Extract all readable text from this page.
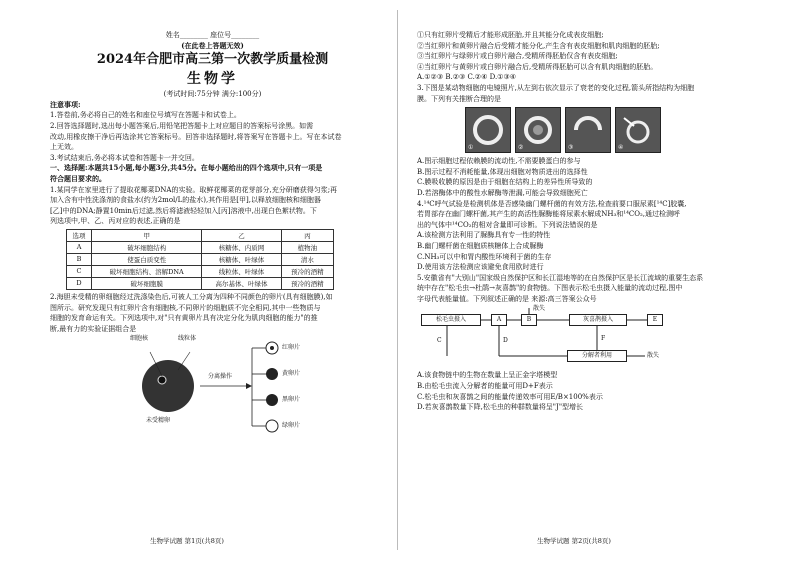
姓名________ 座位号________
(在此卷上答题无效)
2024年合肥市高三第一次教学质量检测
生物学
(考试时间:75分钟 满分:100分)
注意事项:
1.答卷前,务必将自己的姓名和座位号填写在答题卡和试卷上。
2.回答选择题时,选出每小题答案后,用铅笔把答题卡上对应题目的答案标号涂黑。如需
改动,用橡皮擦干净后再选涂其它答案标号。回答非选择题时,将答案写在答题卡上。写在本试卷
上无效。
3.考试结束后,务必将本试卷和答题卡一并交回。
一、选择题:本题共15小题,每小题3分,共45分。在每小题给出的四个选项中,只有一项是
符合题目要求的。
1.某同学在家里进行了提取花椰菜DNA的实验。取鲜花椰菜的花芽部分,充分研磨获得匀浆;再
加入含有中性洗涤剂的食盐水(约为2mol/L的盐水),其作用是[甲],以释放细胞核和细胞器
[乙]中的DNA;静置10min后过滤,然后将滤液轻轻加入[丙]溶液中,出现白色絮状物。下
列选项中,甲、乙、丙对应的表述,正确的是
选项	甲	乙	丙
A	破坏细胞结构	核糖体、内质网	植物油
B	使蛋白质变性	核糖体、叶绿体	清水
C	破坏细胞结构、溶解DNA	线粒体、叶绿体	预冷的酒精
D	破坏细胞膜	高尔基体、叶绿体	预冷的酒精
2.海胆未受精的卵细胞经过洗涤染色后,可被人工分离为四种不同颜色的卵片(具有细胞膜),如
图所示。研究发现只有红卵片含有细胞核,不同卵片的细胞质不完全相同,其中一些物质与
细胞的发育命运有关。下列选项中,对"只有黄卵片具有决定分化为肌肉细胞的能力"的推
断,最有力的实验证据组合是
细胞核	线粒体
分离操作
未受精卵
红卵片
黄卵片
黑卵片
绿卵片
生物学试题 第1页(共8页)
①只有红卵片受精后才能形成胚胎,并且其能分化成表皮细胞;
②当红卵片和黄卵片融合后受精才能分化,产生含有表皮细胞和肌肉细胞的胚胎;
③当红卵片与绿卵片或白卵片融合,受精所得胚胎仅含有表皮细胞;
④当红卵片与黄卵片或白卵片融合后,受精所得胚胎可以含有肌肉细胞的胚胎。
A.①②③ B.②③ C.②④ D.①③④
3.下图是某动物细胞的电镜照片,从左到右依次显示了衰老的变化过程,箭头所指结构为细胞
膜。下列有关推断合理的是
①	②	③	④
A.图示细胞过程依赖膜的流动性,不需要膜蛋白的参与
B.图示过程不消耗能量,体现出细胞对物质进出的选择性
C.膜吸收膜的原因是由于细胞在结构上的差异性所导致的
D.若溶酶体中的酸性水解酶等泄漏,可能会导致细胞死亡
4.¹⁴C呼气试验是检测机体是否感染幽门螺杆菌的有效方法,检查前要口服尿素[¹⁴C]胶囊,
若胃部存在幽门螺杆菌,其产生的高活性脲酶能将尿素水解成NH₃和¹⁴CO₂,通过检测呼
出的气体中¹⁴CO₂的相对含量即可诊断。下列说法错误的是
A.该检测方法利用了脲酶具有专一性的特性
B.幽门螺杆菌在细胞质核糖体上合成脲酶
C.NH₃可以中和胃内酸性环境利于菌的生存
D.使用该方法检测应该避免食用欧时进行
5.安徽省有"大别山"国家级自然保护区和长江湿地等的在自然保护区是长江流域的重要生态系
统中存在"松毛虫→杜鹃→灰喜鹊"的食物链。下图表示松毛虫摄入能量的流动过程,图中
字母代表能量值。下列叙述正确的是 来源:高三答案公众号
松毛虫摄入	A	B	灰喜鹊摄入	E
分解者利用
散失
散失
C	D	F
A.该食物链中的生物在数量上呈正金字塔模型
B.由松毛虫流入分解者的能量可用D+F表示
C.松毛虫和灰喜鹊之间的能量传递效率可用E/B×100%表示
D.若灰喜鹊数量下降,松毛虫的种群数量将呈"J"型增长
生物学试题 第2页(共8页)
